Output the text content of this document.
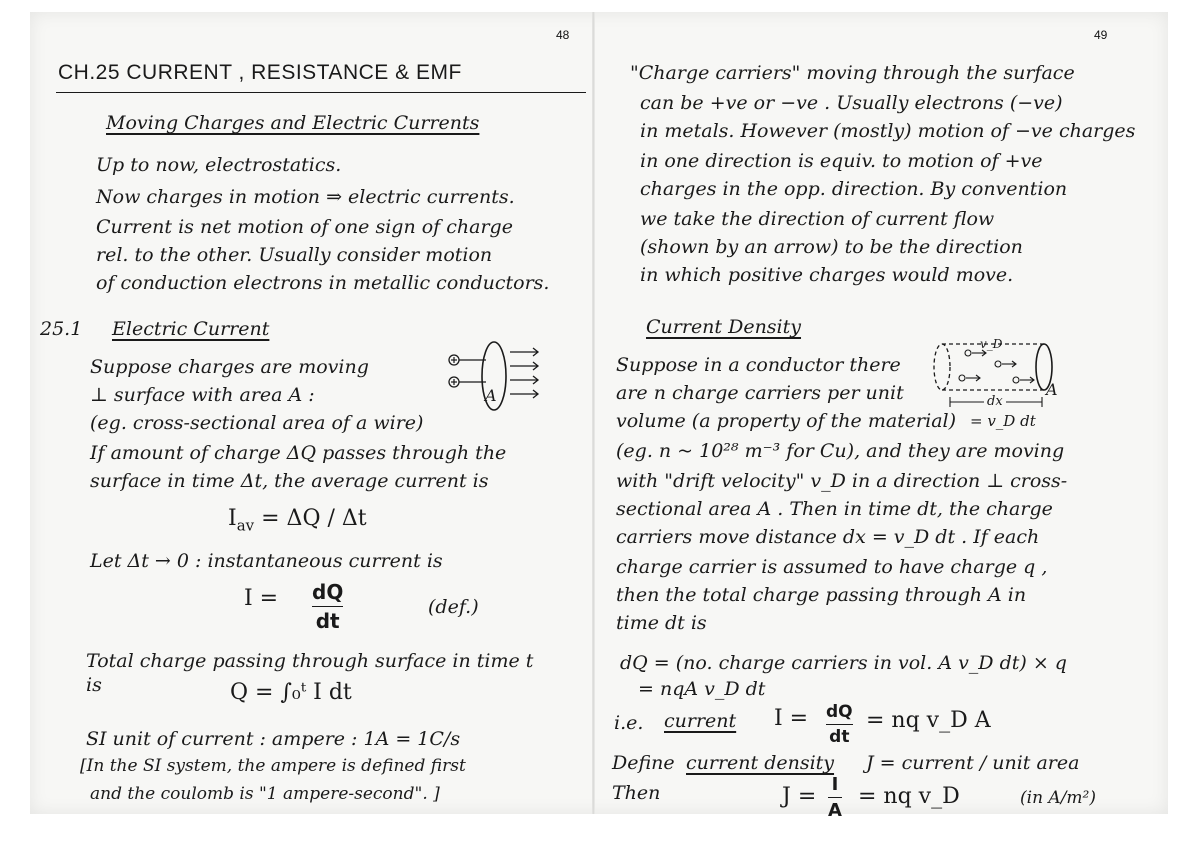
48

CH.25 CURRENT , RESISTANCE & EMF

Moving Charges and Electric Currents

Up to now, electrostatics.

Now charges in motion ⇒ electric currents.

Current is net motion of one sign of charge

rel. to the other. Usually consider motion

of conduction electrons in metallic conductors.

25.1 Electric Current

Suppose charges are moving

⊥ surface with area A :

(eg. cross-sectional area of a wire)

If amount of charge ΔQ passes through the

surface in time Δt, the average current is

A

$I_{av} = \Delta Q / \Delta t$

Let Δt → 0 : instantaneous current is

I = dQ
dt

(def.)

Total charge passing through surface in time t

is	Q = ∫₀ᵗ I dt

SI unit of current : ampere : 1A = 1C/s

[In the SI system, the ampere is defined first

and the coulomb is "1 ampere-second". ]

49

"Charge carriers" moving through the surface

can be +ve or −ve . Usually electrons (−ve)

in metals. However (mostly) motion of −ve charges

in one direction is equiv. to motion of +ve

charges in the opp. direction. By convention

we take the direction of current flow

(shown by an arrow) to be the direction

in which positive charges would move.

Current Density

Suppose in a conductor there

are n charge carriers per unit

volume (a property of the material)

(eg. n ~ 10²⁸ m⁻³ for Cu), and they are moving

with "drift velocity" v_D in a direction ⊥ cross-

sectional area A . Then in time dt, the charge

carriers move distance dx = v_D dt . If each

charge carrier is assumed to have charge q ,

then the total charge passing through A in

time dt is

v_D

A

dx

= v_D dt

dQ = (no. charge carriers in vol. A v_D dt) × q

= nqA v_D dt

i.e. current I = dQ
dt
= nq v_D A

Define current density J = current / unit area

Then	J = I
A
= nq v_D	(in A/m²)
